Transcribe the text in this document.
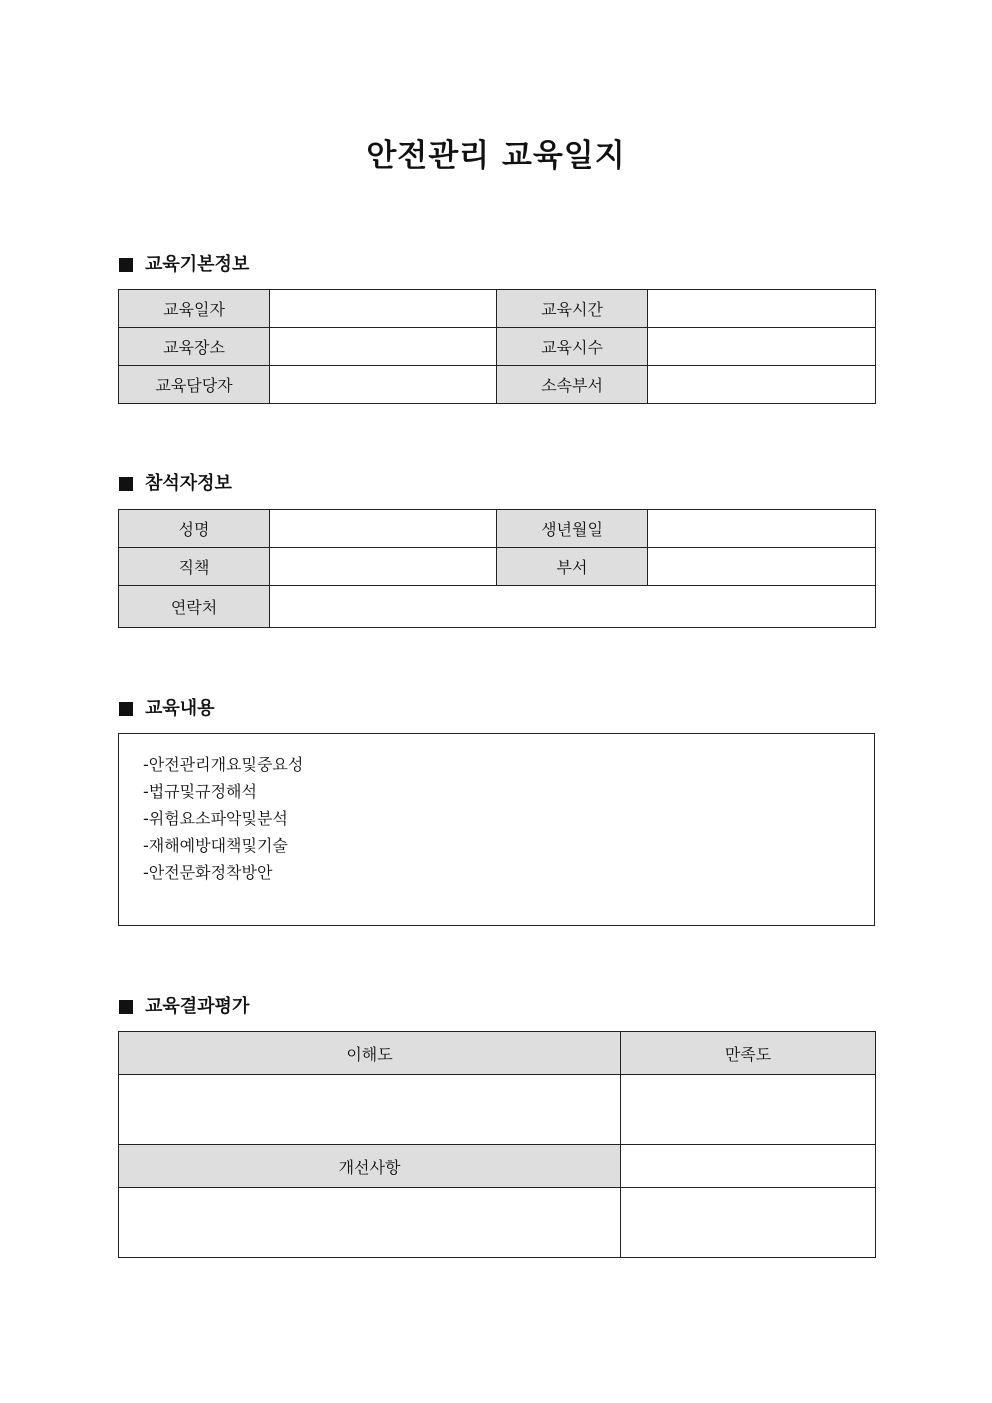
안전관리 교육일지
교육기본정보
교육일자		교육시간	
교육장소		교육시수	
교육담당자		소속부서	
참석자정보
성명		생년월일	
직책		부서	
연락처			
교육내용
-안전관리개요및중요성
-법규및규정해석
-위험요소파악및분석
-재해예방대책및기술
-안전문화정착방안
교육결과평가
이해도	만족도

개선사항	
